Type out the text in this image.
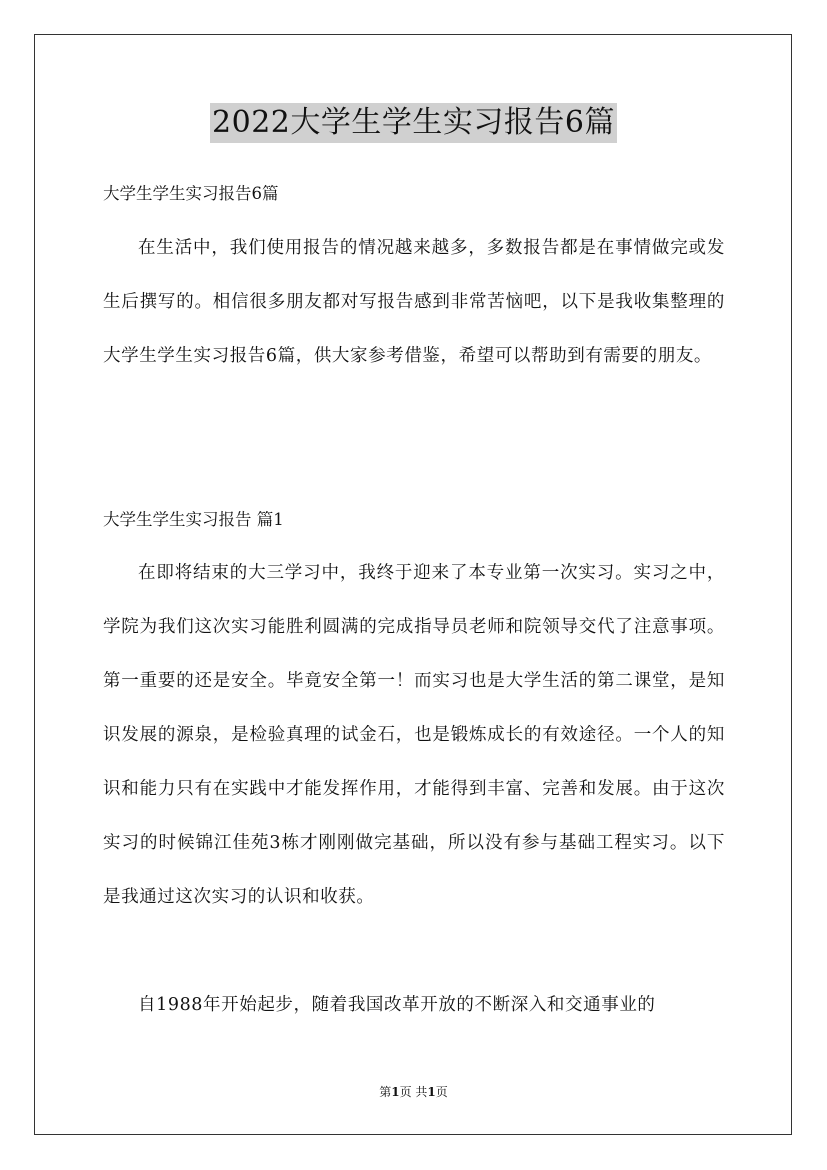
2022大学生学生实习报告6篇
大学生学生实习报告6篇

在生活中，我们使用报告的情况越来越多，多数报告都是在事情做完或发生后撰写的。相信很多朋友都对写报告感到非常苦恼吧，以下是我收集整理的大学生学生实习报告6篇，供大家参考借鉴，希望可以帮助到有需要的朋友。

大学生学生实习报告 篇1

在即将结束的大三学习中，我终于迎来了本专业第一次实习。实习之中，学院为我们这次实习能胜利圆满的完成指导员老师和院领导交代了注意事项。第一重要的还是安全。毕竟安全第一！而实习也是大学生活的第二课堂，是知识发展的源泉，是检验真理的试金石，也是锻炼成长的有效途径。一个人的知识和能力只有在实践中才能发挥作用，才能得到丰富、完善和发展。由于这次实习的时候锦江佳苑3栋才刚刚做完基础，所以没有参与基础工程实习。以下是我通过这次实习的认识和收获。

自1988年开始起步，随着我国改革开放的不断深入和交通事业的

第1页 共1页
